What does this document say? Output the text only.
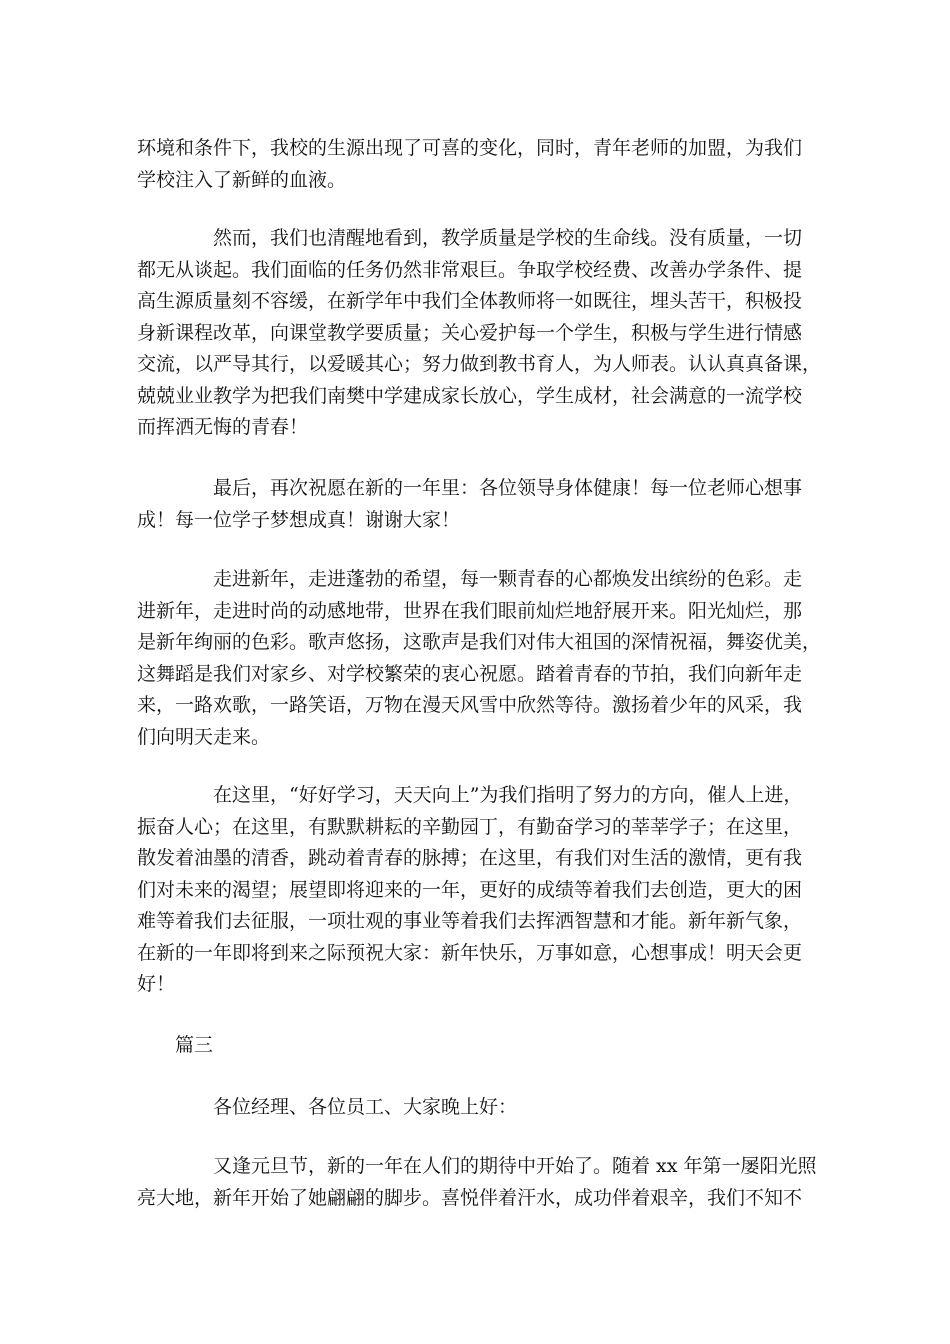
环境和条件下，我校的生源出现了可喜的变化，同时，青年老师的加盟，为我们
学校注入了新鲜的血液。
然而，我们也清醒地看到，教学质量是学校的生命线。没有质量，一切
都无从谈起。我们面临的任务仍然非常艰巨。争取学校经费、改善办学条件、提
高生源质量刻不容缓，在新学年中我们全体教师将一如既往，埋头苦干，积极投
身新课程改革，向课堂教学要质量；关心爱护每一个学生，积极与学生进行情感
交流，以严导其行，以爱暖其心；努力做到教书育人，为人师表。认认真真备课，
兢兢业业教学为把我们南樊中学建成家长放心，学生成材，社会满意的一流学校
而挥洒无悔的青春！
最后，再次祝愿在新的一年里：各位领导身体健康！每一位老师心想事
成！每一位学子梦想成真！谢谢大家！
走进新年，走进蓬勃的希望，每一颗青春的心都焕发出缤纷的色彩。走
进新年，走进时尚的动感地带，世界在我们眼前灿烂地舒展开来。阳光灿烂，那
是新年绚丽的色彩。歌声悠扬，这歌声是我们对伟大祖国的深情祝福，舞姿优美，
这舞蹈是我们对家乡、对学校繁荣的衷心祝愿。踏着青春的节拍，我们向新年走
来，一路欢歌，一路笑语，万物在漫天风雪中欣然等待。激扬着少年的风采，我
们向明天走来。
在这里，“好好学习，天天向上”为我们指明了努力的方向，催人上进，
振奋人心；在这里，有默默耕耘的辛勤园丁，有勤奋学习的莘莘学子；在这里，
散发着油墨的清香，跳动着青春的脉搏；在这里，有我们对生活的激情，更有我
们对未来的渴望；展望即将迎来的一年，更好的成绩等着我们去创造，更大的困
难等着我们去征服，一项壮观的事业等着我们去挥洒智慧和才能。新年新气象，
在新的一年即将到来之际预祝大家：新年快乐，万事如意，心想事成！明天会更
好！
篇三
各位经理、各位员工、大家晚上好：
又逢元旦节，新的一年在人们的期待中开始了。随着 xx 年第一屡阳光照
亮大地，新年开始了她翩翩的脚步。喜悦伴着汗水，成功伴着艰辛，我们不知不
